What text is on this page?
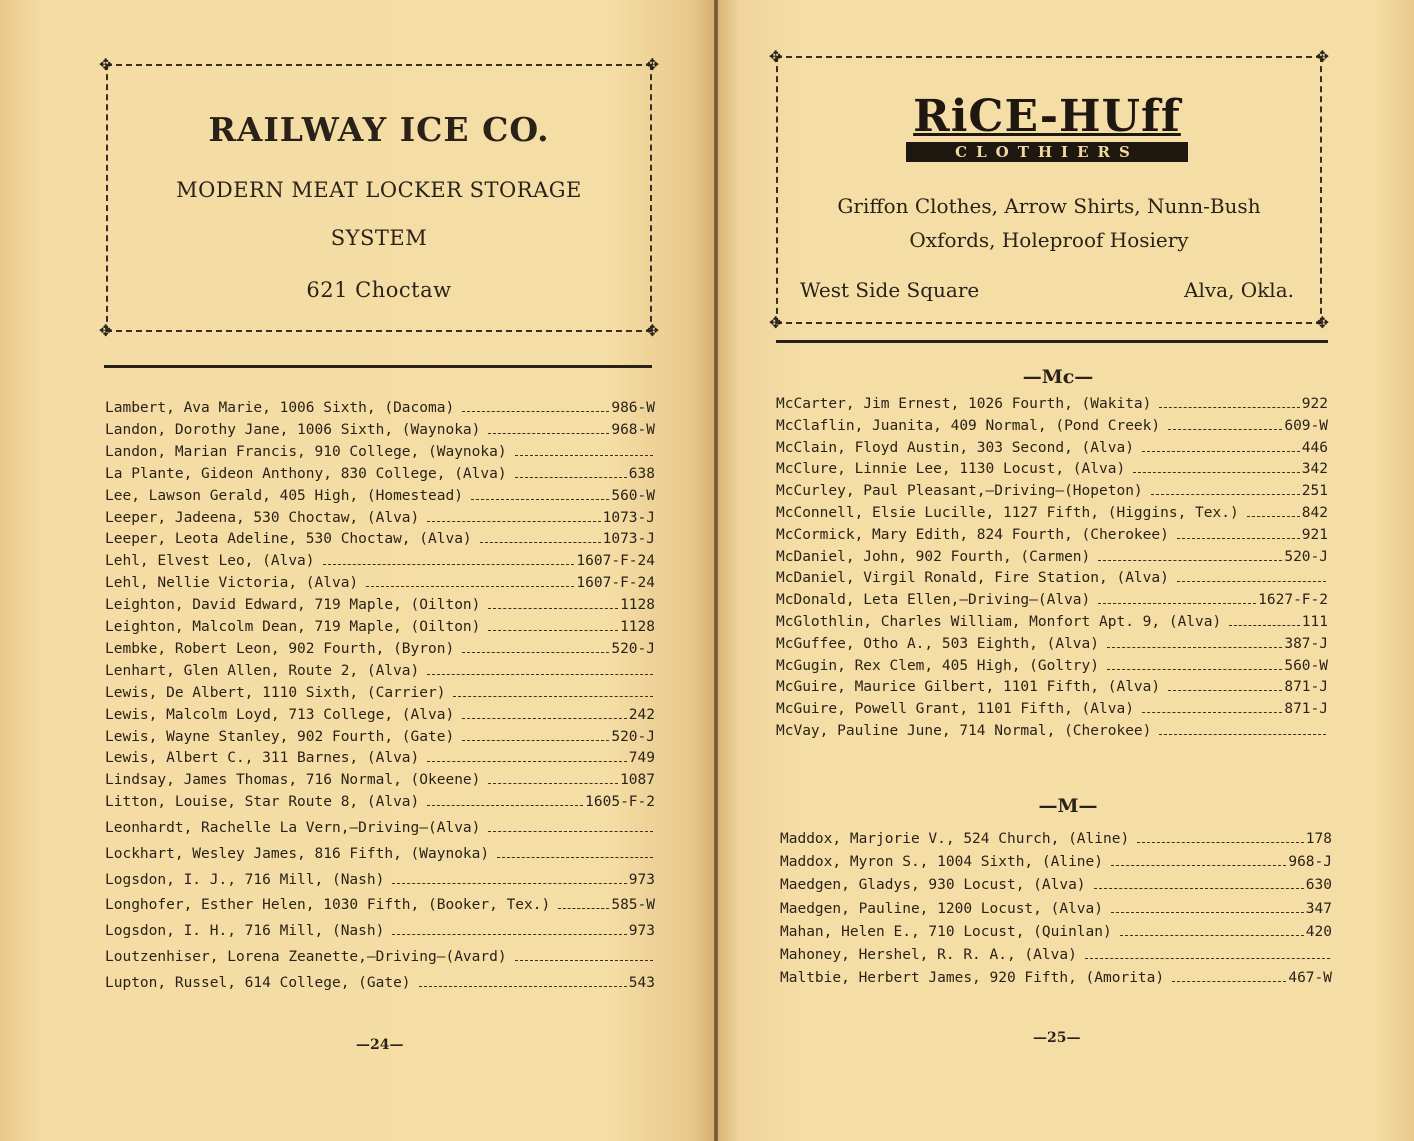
✥	✥
✥	✥
RAILWAY ICE CO.
MODERN MEAT LOCKER STORAGE
SYSTEM
621 Choctaw
Lambert, Ava Marie, 1006 Sixth, (Dacoma)	986-W
Landon, Dorothy Jane, 1006 Sixth, (Waynoka)	968-W
Landon, Marian Francis, 910 College, (Waynoka)
La Plante, Gideon Anthony, 830 College, (Alva)	638
Lee, Lawson Gerald, 405 High, (Homestead)	560-W
Leeper, Jadeena, 530 Choctaw, (Alva)	1073-J
Leeper, Leota Adeline, 530 Choctaw, (Alva)	1073-J
Lehl, Elvest Leo, (Alva)	1607-F-24
Lehl, Nellie Victoria, (Alva)	1607-F-24
Leighton, David Edward, 719 Maple, (Oilton)	1128
Leighton, Malcolm Dean, 719 Maple, (Oilton)	1128
Lembke, Robert Leon, 902 Fourth, (Byron)	520-J
Lenhart, Glen Allen, Route 2, (Alva)
Lewis, De Albert, 1110 Sixth, (Carrier)
Lewis, Malcolm Loyd, 713 College, (Alva)	242
Lewis, Wayne Stanley, 902 Fourth, (Gate)	520-J
Lewis, Albert C., 311 Barnes, (Alva)	749
Lindsay, James Thomas, 716 Normal, (Okeene)	1087
Litton, Louise, Star Route 8, (Alva)	1605-F-2
Leonhardt, Rachelle La Vern,—Driving—(Alva)
Lockhart, Wesley James, 816 Fifth, (Waynoka)
Logsdon, I. J., 716 Mill, (Nash)	973
Longhofer, Esther Helen, 1030 Fifth, (Booker, Tex.)	585-W
Logsdon, I. H., 716 Mill, (Nash)	973
Loutzenhiser, Lorena Zeanette,—Driving—(Avard)
Lupton, Russel, 614 College, (Gate)	543
—24—
✥	✥
✥	✥
RiCE-HUff
CLOTHIERS
Griffon Clothes, Arrow Shirts, Nunn-Bush
Oxfords, Holeproof Hosiery
West Side Square	Alva, Okla.
—Mc—
McCarter, Jim Ernest, 1026 Fourth, (Wakita)	922
McClaflin, Juanita, 409 Normal, (Pond Creek)	609-W
McClain, Floyd Austin, 303 Second, (Alva)	446
McClure, Linnie Lee, 1130 Locust, (Alva)	342
McCurley, Paul Pleasant,—Driving—(Hopeton)	251
McConnell, Elsie Lucille, 1127 Fifth, (Higgins, Tex.)	842
McCormick, Mary Edith, 824 Fourth, (Cherokee)	921
McDaniel, John, 902 Fourth, (Carmen)	520-J
McDaniel, Virgil Ronald, Fire Station, (Alva)
McDonald, Leta Ellen,—Driving—(Alva)	1627-F-2
McGlothlin, Charles William, Monfort Apt. 9, (Alva)	111
McGuffee, Otho A., 503 Eighth, (Alva)	387-J
McGugin, Rex Clem, 405 High, (Goltry)	560-W
McGuire, Maurice Gilbert, 1101 Fifth, (Alva)	871-J
McGuire, Powell Grant, 1101 Fifth, (Alva)	871-J
McVay, Pauline June, 714 Normal, (Cherokee)
—M—
Maddox, Marjorie V., 524 Church, (Aline)	178
Maddox, Myron S., 1004 Sixth, (Aline)	968-J
Maedgen, Gladys, 930 Locust, (Alva)	630
Maedgen, Pauline, 1200 Locust, (Alva)	347
Mahan, Helen E., 710 Locust, (Quinlan)	420
Mahoney, Hershel, R. R. A., (Alva)
Maltbie, Herbert James, 920 Fifth, (Amorita)	467-W
—25—
